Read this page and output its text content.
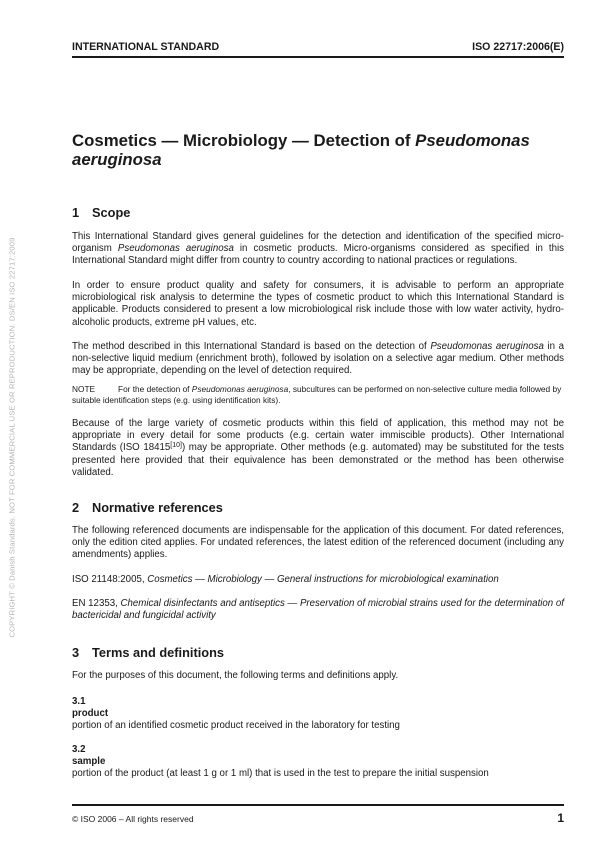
COPYRIGHT © Danish Standards. NOT FOR COMMERCIAL USE OR REPRODUCTION. DS/EN ISO 22717:2009
INTERNATIONAL STANDARD	ISO 22717:2006(E)
Cosmetics — Microbiology — Detection of Pseudomonas aeruginosa
1 Scope
This International Standard gives general guidelines for the detection and identification of the specified micro-organism Pseudomonas aeruginosa in cosmetic products. Micro-organisms considered as specified in this International Standard might differ from country to country according to national practices or regulations.
In order to ensure product quality and safety for consumers, it is advisable to perform an appropriate microbiological risk analysis to determine the types of cosmetic product to which this International Standard is applicable. Products considered to present a low microbiological risk include those with low water activity, hydro-alcoholic products, extreme pH values, etc.
The method described in this International Standard is based on the detection of Pseudomonas aeruginosa in a non-selective liquid medium (enrichment broth), followed by isolation on a selective agar medium. Other methods may be appropriate, depending on the level of detection required.
NOTE	For the detection of Pseudomonas aeruginosa, subcultures can be performed on non-selective culture media followed by suitable identification steps (e.g. using identification kits).
Because of the large variety of cosmetic products within this field of application, this method may not be appropriate in every detail for some products (e.g. certain water immiscible products). Other International Standards (ISO 18415[10]) may be appropriate. Other methods (e.g. automated) may be substituted for the tests presented here provided that their equivalence has been demonstrated or the method has been otherwise validated.
2 Normative references
The following referenced documents are indispensable for the application of this document. For dated references, only the edition cited applies. For undated references, the latest edition of the referenced document (including any amendments) applies.
ISO 21148:2005, Cosmetics — Microbiology — General instructions for microbiological examination
EN 12353, Chemical disinfectants and antiseptics — Preservation of microbial strains used for the determination of bactericidal and fungicidal activity
3 Terms and definitions
For the purposes of this document, the following terms and definitions apply.
3.1
product
portion of an identified cosmetic product received in the laboratory for testing
3.2
sample
portion of the product (at least 1 g or 1 ml) that is used in the test to prepare the initial suspension
© ISO 2006 – All rights reserved	1
